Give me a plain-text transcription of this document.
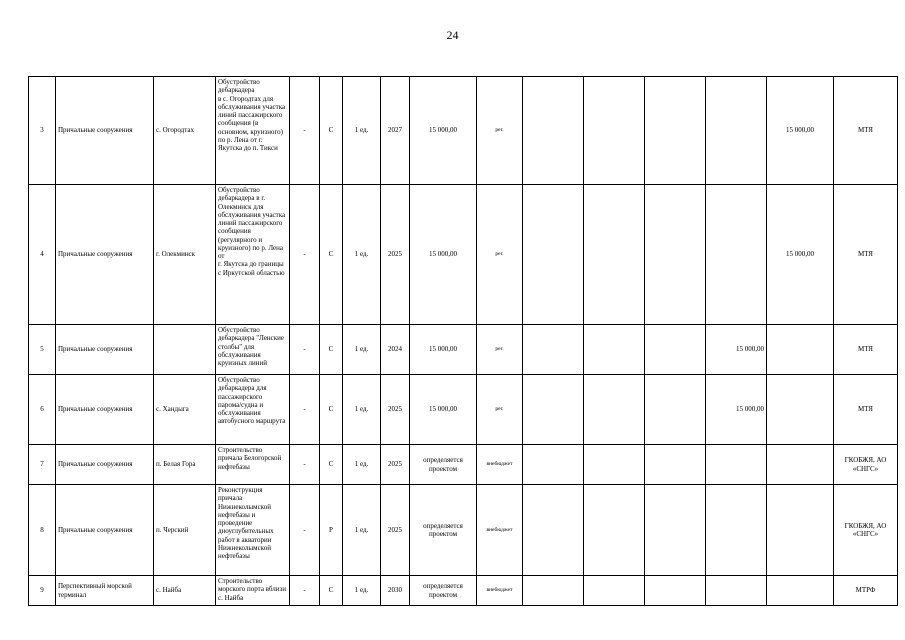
24
3	Причальные сооружения	с. Огородтах	Обустройство дебаркадера
в с. Огородтах для обслуживания участка линий пассажирского сообщения (в основном, круизного) по р. Лена от г. Якутска до п. Тикси	-	С	1 ед.	2027	15 000,00	рег.					15 000,00	МТЯ
4	Причальные сооружения	г. Олекминск	Обустройство дебаркадера в г. Олекминск для обслуживания участка линий пассажирского сообщения (регулярного и круизного) по р. Лена от
г. Якутска до границы с Иркутской областью	-	С	1 ед.	2025	15 000,00	рег.					15 000,00	МТЯ
5	Причальные сооружения		Обустройство дебаркадера "Ленские столбы" для обслуживания круизных линий	-	С	1 ед.	2024	15 000,00	рег.				15 000,00		МТЯ
6	Причальные сооружения	с. Хандыга	Обустройство дебаркадера для пассажирского парома/судна и обслуживания автобусного маршрута	-	С	1 ед.	2025	15 000,00	рег.				15 000,00		МТЯ
7	Причальные сооружения	п. Белая Гора	Строительство причала Белогорской нефтебазы	-	С	1 ед.	2025	определяется проектом	внебюджет						ГКОБЖЯ, АО «СНГС»
8	Причальные сооружения	п. Черский	Реконструкция причала Нижнеколымской нефтебазы и проведение дноуглубительных работ в акватории Нижнеколымской нефтебазы	-	Р	1 ед.	2025	определяется проектом	внебюджет						ГКОБЖЯ, АО «СНГС»
9	Перспективный морской терминал	с. Найба	Строительство морского порта вблизи с. Найба	-	С	1 ед.	2030	определяется проектом	внебюджет						МТРФ
